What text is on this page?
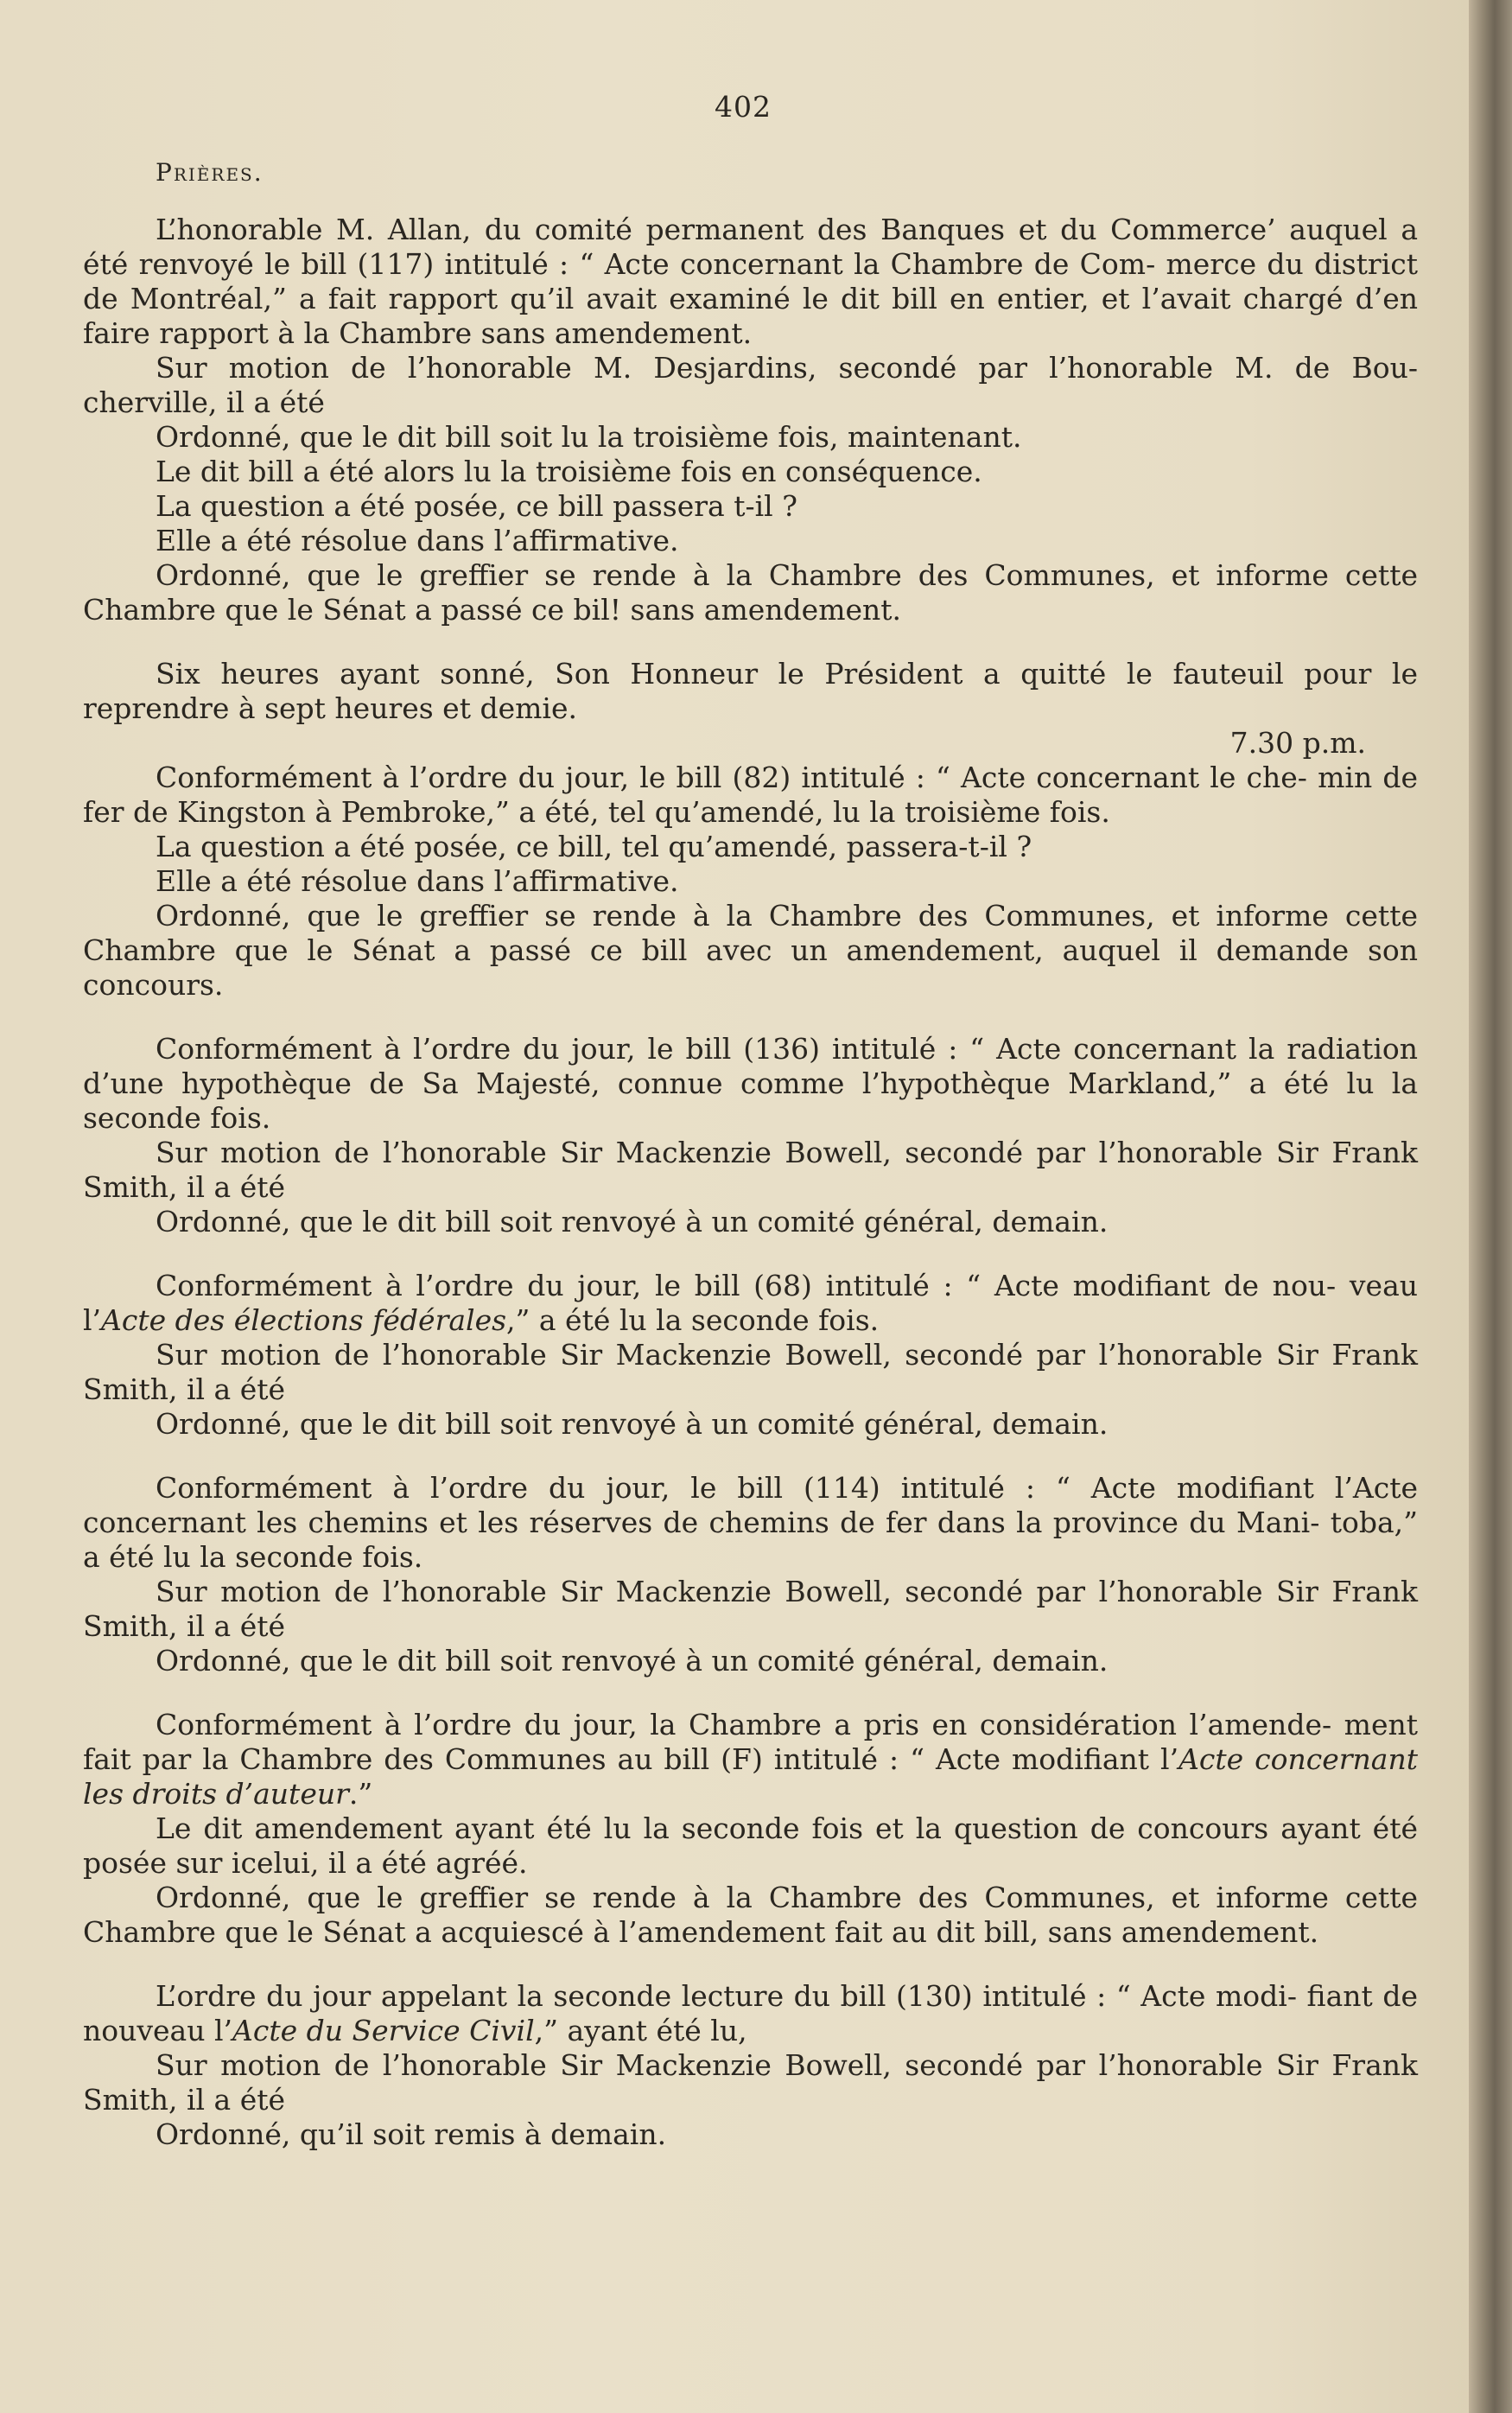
402
Prières.

L’honorable M. Allan, du comité permanent des Banques et du Commerce’ auquel a été renvoyé le bill (117) intitulé : “ Acte concernant la Chambre de Com- merce du district de Montréal,” a fait rapport qu’il avait examiné le dit bill en entier, et l’avait chargé d’en faire rapport à la Chambre sans amendement.

Sur motion de l’honorable M. Desjardins, secondé par l’honorable M. de Bou- cherville, il a été

Ordonné, que le dit bill soit lu la troisième fois, maintenant.

Le dit bill a été alors lu la troisième fois en conséquence.

La question a été posée, ce bill passera t-il ?

Elle a été résolue dans l’affirmative.

Ordonné, que le greffier se rende à la Chambre des Communes, et informe cette Chambre que le Sénat a passé ce bil! sans amendement.

Six heures ayant sonné, Son Honneur le Président a quitté le fauteuil pour le reprendre à sept heures et demie.

7.30 p.m.

Conformément à l’ordre du jour, le bill (82) intitulé : “ Acte concernant le che- min de fer de Kingston à Pembroke,” a été, tel qu’amendé, lu la troisième fois.

La question a été posée, ce bill, tel qu’amendé, passera-t-il ?

Elle a été résolue dans l’affirmative.

Ordonné, que le greffier se rende à la Chambre des Communes, et informe cette Chambre que le Sénat a passé ce bill avec un amendement, auquel il demande son concours.

Conformément à l’ordre du jour, le bill (136) intitulé : “ Acte concernant la radiation d’une hypothèque de Sa Majesté, connue comme l’hypothèque Markland,” a été lu la seconde fois.

Sur motion de l’honorable Sir Mackenzie Bowell, secondé par l’honorable Sir Frank Smith, il a été

Ordonné, que le dit bill soit renvoyé à un comité général, demain.

Conformément à l’ordre du jour, le bill (68) intitulé : “ Acte modifiant de nou- veau l’Acte des élections fédérales,” a été lu la seconde fois.

Sur motion de l’honorable Sir Mackenzie Bowell, secondé par l’honorable Sir Frank Smith, il a été

Ordonné, que le dit bill soit renvoyé à un comité général, demain.

Conformément à l’ordre du jour, le bill (114) intitulé : “ Acte modifiant l’Acte concernant les chemins et les réserves de chemins de fer dans la province du Mani- toba,” a été lu la seconde fois.

Sur motion de l’honorable Sir Mackenzie Bowell, secondé par l’honorable Sir Frank Smith, il a été

Ordonné, que le dit bill soit renvoyé à un comité général, demain.

Conformément à l’ordre du jour, la Chambre a pris en considération l’amende- ment fait par la Chambre des Communes au bill (F) intitulé : “ Acte modifiant l’Acte concernant les droits d’auteur.”

Le dit amendement ayant été lu la seconde fois et la question de concours ayant été posée sur icelui, il a été agréé.

Ordonné, que le greffier se rende à la Chambre des Communes, et informe cette Chambre que le Sénat a acquiescé à l’amendement fait au dit bill, sans amendement.

L’ordre du jour appelant la seconde lecture du bill (130) intitulé : “ Acte modi- fiant de nouveau l’Acte du Service Civil,” ayant été lu,

Sur motion de l’honorable Sir Mackenzie Bowell, secondé par l’honorable Sir Frank Smith, il a été

Ordonné, qu’il soit remis à demain.
